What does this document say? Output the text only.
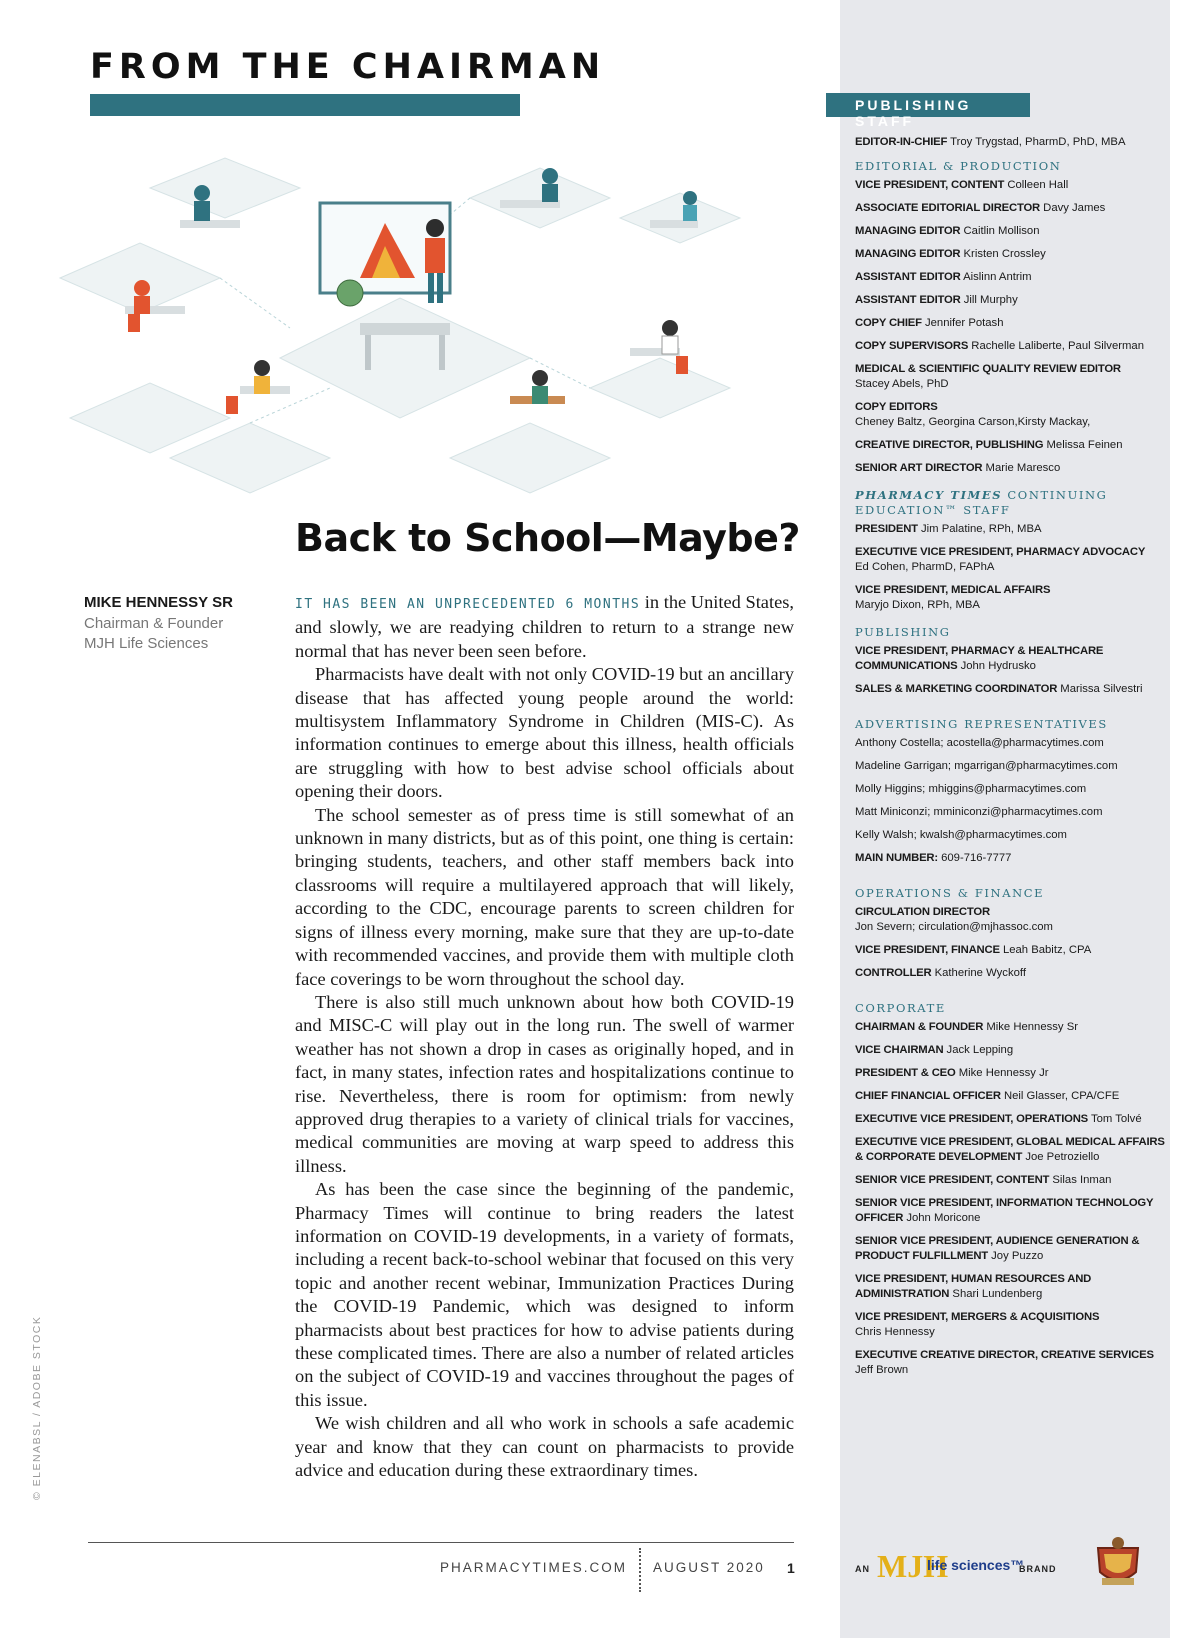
FROM THE CHAIRMAN
Back to School—Maybe?
MIKE HENNESSY SR
Chairman & Founder
MJH Life Sciences

IT HAS BEEN AN UNPRECEDENTED 6 MONTHS in the United States, and slowly, we are readying children to return to a strange new normal that has never been seen before.

Pharmacists have dealt with not only COVID-19 but an ancillary disease that has affected young people around the world: multisystem Inflammatory Syndrome in Children (MIS-C). As information continues to emerge about this illness, health officials are struggling with how to best advise school officials about opening their doors.

The school semester as of press time is still somewhat of an unknown in many districts, but as of this point, one thing is certain: bringing students, teachers, and other staff members back into classrooms will require a multilayered approach that will likely, according to the CDC, encourage parents to screen children for signs of illness every morning, make sure that they are up-to-date with recommended vaccines, and provide them with multiple cloth face coverings to be worn throughout the school day.

There is also still much unknown about how both COVID-19 and MISC-C will play out in the long run. The swell of warmer weather has not shown a drop in cases as originally hoped, and in fact, in many states, infection rates and hospitalizations continue to rise. Nevertheless, there is room for optimism: from newly approved drug therapies to a variety of clinical trials for vaccines, medical communities are moving at warp speed to address this illness.

As has been the case since the beginning of the pandemic, Pharmacy Times will continue to bring readers the latest information on COVID-19 developments, in a variety of formats, including a recent back-to-school webinar that focused on this very topic and another recent webinar, Immunization Practices During the COVID-19 Pandemic, which was designed to inform pharmacists about best practices for how to advise patients during these complicated times. There are also a number of related articles on the subject of COVID-19 and vaccines throughout the pages of this issue.

We wish children and all who work in schools a safe academic year and know that they can count on pharmacists to provide advice and education during these extraordinary times.

© ELENABSL / ADOBE STOCK
PHARMACYTIMES.COM AUGUST 2020 1
PUBLISHING STAFF
EDITOR-IN-CHIEF Troy Trygstad, PharmD, PhD, MBA
EDITORIAL & PRODUCTION
VICE PRESIDENT, CONTENT Colleen Hall
ASSOCIATE EDITORIAL DIRECTOR Davy James
MANAGING EDITOR Caitlin Mollison
MANAGING EDITOR Kristen Crossley
ASSISTANT EDITOR Aislinn Antrim
ASSISTANT EDITOR Jill Murphy
COPY CHIEF Jennifer Potash
COPY SUPERVISORS Rachelle Laliberte, Paul Silverman
MEDICAL & SCIENTIFIC QUALITY REVIEW EDITOR
Stacey Abels, PhD
COPY EDITORS
Cheney Baltz, Georgina Carson,Kirsty Mackay,
CREATIVE DIRECTOR, PUBLISHING Melissa Feinen
SENIOR ART DIRECTOR Marie Maresco
PHARMACY TIMES CONTINUING EDUCATION™ STAFF
PRESIDENT Jim Palatine, RPh, MBA
EXECUTIVE VICE PRESIDENT, PHARMACY ADVOCACY
Ed Cohen, PharmD, FAPhA
VICE PRESIDENT, MEDICAL AFFAIRS
Maryjo Dixon, RPh, MBA
PUBLISHING
VICE PRESIDENT, PHARMACY & HEALTHCARE COMMUNICATIONS John Hydrusko
SALES & MARKETING COORDINATOR Marissa Silvestri
ADVERTISING REPRESENTATIVES
Anthony Costella; acostella@pharmacytimes.com
Madeline Garrigan; mgarrigan@pharmacytimes.com
Molly Higgins; mhiggins@pharmacytimes.com
Matt Miniconzi; mminiconzi@pharmacytimes.com
Kelly Walsh; kwalsh@pharmacytimes.com
MAIN NUMBER: 609-716-7777
OPERATIONS & FINANCE
CIRCULATION DIRECTOR
Jon Severn; circulation@mjhassoc.com
VICE PRESIDENT, FINANCE Leah Babitz, CPA
CONTROLLER Katherine Wyckoff
CORPORATE
CHAIRMAN & FOUNDER Mike Hennessy Sr
VICE CHAIRMAN Jack Lepping
PRESIDENT & CEO Mike Hennessy Jr
CHIEF FINANCIAL OFFICER Neil Glasser, CPA/CFE
EXECUTIVE VICE PRESIDENT, OPERATIONS Tom Tolvé
EXECUTIVE VICE PRESIDENT, GLOBAL MEDICAL AFFAIRS & CORPORATE DEVELOPMENT Joe Petroziello
SENIOR VICE PRESIDENT, CONTENT Silas Inman
SENIOR VICE PRESIDENT, INFORMATION TECHNOLOGY OFFICER John Moricone
SENIOR VICE PRESIDENT, AUDIENCE GENERATION & PRODUCT FULFILLMENT Joy Puzzo
VICE PRESIDENT, HUMAN RESOURCES AND ADMINISTRATION Shari Lundenberg
VICE PRESIDENT, MERGERS & ACQUISITIONS
Chris Hennessy
EXECUTIVE CREATIVE DIRECTOR, CREATIVE SERVICES
Jeff Brown
AN MJH
life sciences™
BRAND
